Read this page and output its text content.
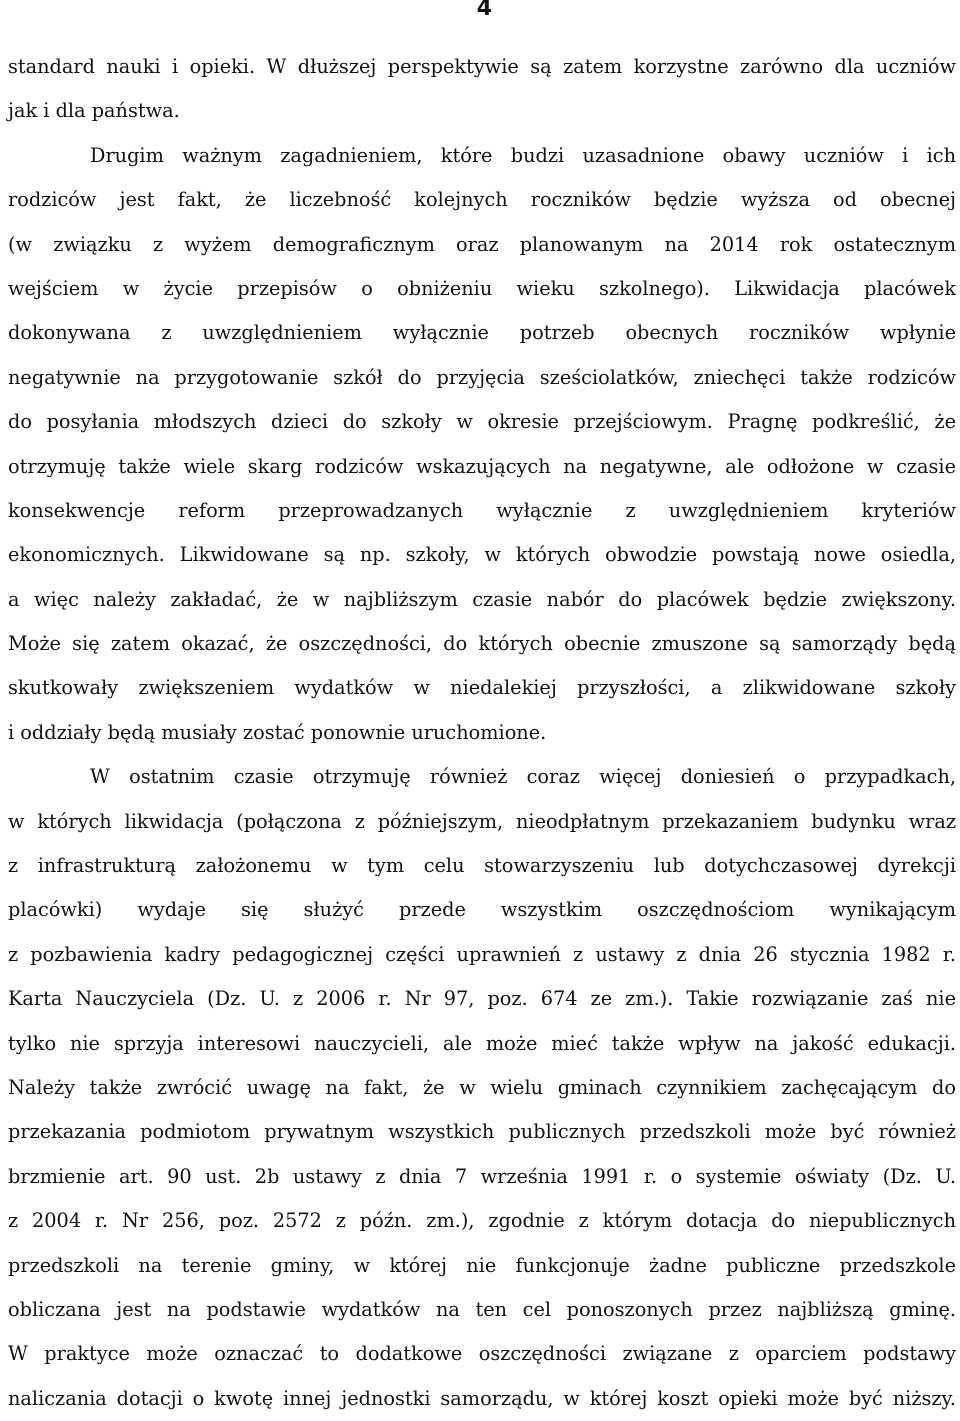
4
standard nauki i opieki. W dłuższej perspektywie są zatem korzystne zarówno dla uczniów
jak i dla państwa.
Drugim ważnym zagadnieniem, które budzi uzasadnione obawy uczniów i ich
rodziców jest fakt, że liczebność kolejnych roczników będzie wyższa od obecnej
(w związku z wyżem demograficznym oraz planowanym na 2014 rok ostatecznym
wejściem w życie przepisów o obniżeniu wieku szkolnego). Likwidacja placówek
dokonywana z uwzględnieniem wyłącznie potrzeb obecnych roczników wpłynie
negatywnie na przygotowanie szkół do przyjęcia sześciolatków, zniechęci także rodziców
do posyłania młodszych dzieci do szkoły w okresie przejściowym. Pragnę podkreślić, że
otrzymuję także wiele skarg rodziców wskazujących na negatywne, ale odłożone w czasie
konsekwencje reform przeprowadzanych wyłącznie z uwzględnieniem kryteriów
ekonomicznych. Likwidowane są np. szkoły, w których obwodzie powstają nowe osiedla,
a więc należy zakładać, że w najbliższym czasie nabór do placówek będzie zwiększony.
Może się zatem okazać, że oszczędności, do których obecnie zmuszone są samorządy będą
skutkowały zwiększeniem wydatków w niedalekiej przyszłości, a zlikwidowane szkoły
i oddziały będą musiały zostać ponownie uruchomione.
W ostatnim czasie otrzymuję również coraz więcej doniesień o przypadkach,
w których likwidacja (połączona z późniejszym, nieodpłatnym przekazaniem budynku wraz
z infrastrukturą założonemu w tym celu stowarzyszeniu lub dotychczasowej dyrekcji
placówki) wydaje się służyć przede wszystkim oszczędnościom wynikającym
z pozbawienia kadry pedagogicznej części uprawnień z ustawy z dnia 26 stycznia 1982 r.
Karta Nauczyciela (Dz. U. z 2006 r. Nr 97, poz. 674 ze zm.). Takie rozwiązanie zaś nie
tylko nie sprzyja interesowi nauczycieli, ale może mieć także wpływ na jakość edukacji.
Należy także zwrócić uwagę na fakt, że w wielu gminach czynnikiem zachęcającym do
przekazania podmiotom prywatnym wszystkich publicznych przedszkoli może być również
brzmienie art. 90 ust. 2b ustawy z dnia 7 września 1991 r. o systemie oświaty (Dz. U.
z 2004 r. Nr 256, poz. 2572 z późn. zm.), zgodnie z którym dotacja do niepublicznych
przedszkoli na terenie gminy, w której nie funkcjonuje żadne publiczne przedszkole
obliczana jest na podstawie wydatków na ten cel ponoszonych przez najbliższą gminę.
W praktyce może oznaczać to dodatkowe oszczędności związane z oparciem podstawy
naliczania dotacji o kwotę innej jednostki samorządu, w której koszt opieki może być niższy.
